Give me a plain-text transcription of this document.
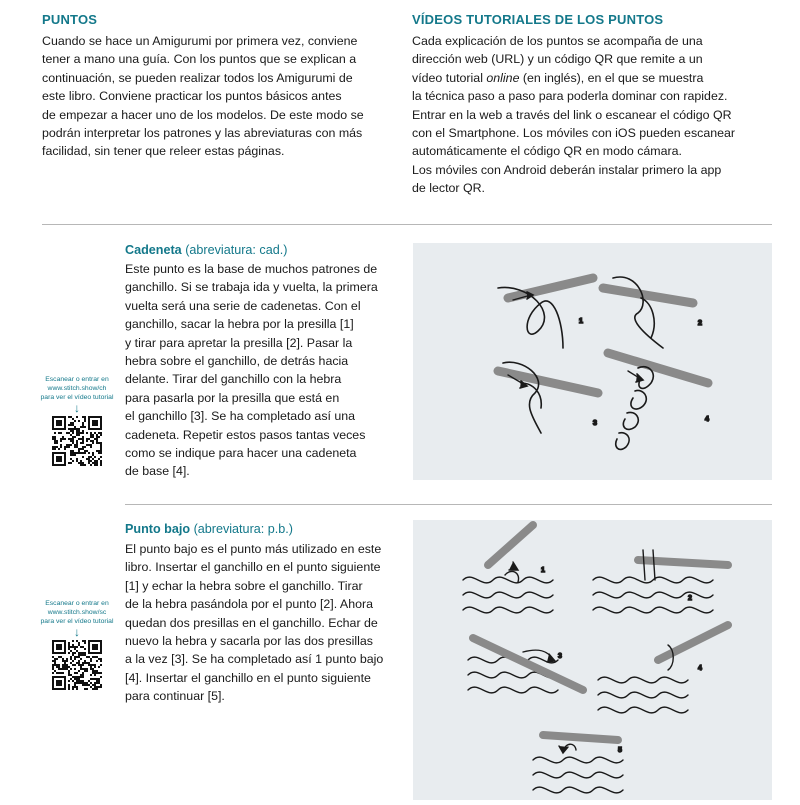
PUNTOS
Cuando se hace un Amigurumi por primera vez, conviene
tener a mano una guía. Con los puntos que se explican a
continuación, se pueden realizar todos los Amigurumi de
este libro. Conviene practicar los puntos básicos antes
de empezar a hacer uno de los modelos. De este modo se
podrán interpretar los patrones y las abreviaturas con más
facilidad, sin tener que releer estas páginas.
VÍDEOS TUTORIALES DE LOS PUNTOS
Cada explicación de los puntos se acompaña de una
dirección web (URL) y un código QR que remite a un
vídeo tutorial online (en inglés), en el que se muestra
la técnica paso a paso para poderla dominar con rapidez.
Entrar en la web a través del link o escanear el código QR
con el Smartphone. Los móviles con iOS pueden escanear
automáticamente el código QR en modo cámara.
Los móviles con Android deberán instalar primero la app
de lector QR.
Cadeneta (abreviatura: cad.)
Este punto es la base de muchos patrones de
ganchillo. Si se trabaja ida y vuelta, la primera
vuelta será una serie de cadenetas. Con el
ganchillo, sacar la hebra por la presilla [1]
y tirar para apretar la presilla [2]. Pasar la
hebra sobre el ganchillo, de detrás hacia
delante. Tirar del ganchillo con la hebra
para pasarla por la presilla que está en
el ganchillo [3]. Se ha completado así una
cadeneta. Repetir estos pasos tantas veces
como se indique para hacer una cadeneta
de base [4].
Escanear o entrar en
www.stitch.show/ch
para ver el vídeo tutorial
↓
1	2
3
4
Punto bajo (abreviatura: p.b.)
El punto bajo es el punto más utilizado en este
libro. Insertar el ganchillo en el punto siguiente
[1] y echar la hebra sobre el ganchillo. Tirar
de la hebra pasándola por el punto [2]. Ahora
quedan dos presillas en el ganchillo. Echar de
nuevo la hebra y sacarla por las dos presillas
a la vez [3]. Se ha completado así 1 punto bajo
[4]. Insertar el ganchillo en el punto siguiente
para continuar [5].
Escanear o entrar en
www.stitch.show/sc
para ver el vídeo tutorial
↓
1
2
3
4
5
